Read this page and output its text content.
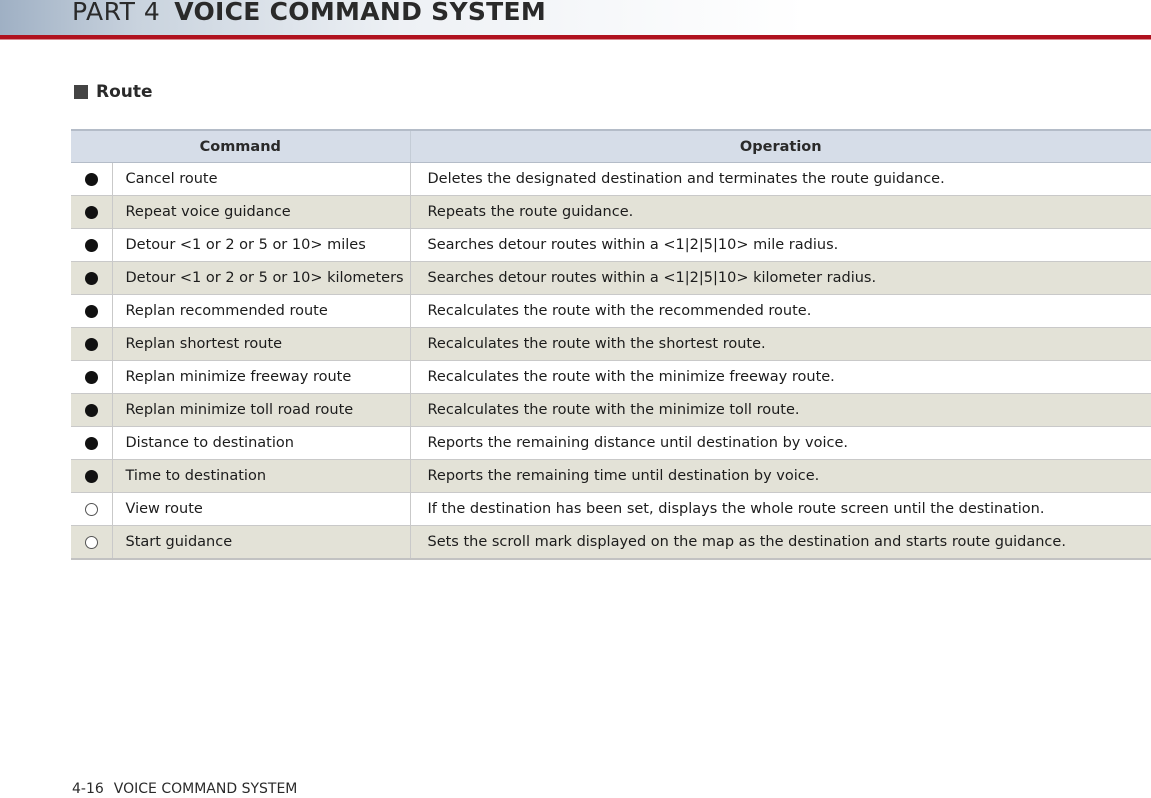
PART 4 VOICE COMMAND SYSTEM
Route
Command		Operation
	Cancel route	Deletes the designated destination and terminates the route guidance.
	Repeat voice guidance	Repeats the route guidance.
	Detour <1 or 2 or 5 or 10> miles	Searches detour routes within a <1|2|5|10> mile radius.
	Detour <1 or 2 or 5 or 10> kilometers	Searches detour routes within a <1|2|5|10> kilometer radius.
	Replan recommended route	Recalculates the route with the recommended route.
	Replan shortest route	Recalculates the route with the shortest route.
	Replan minimize freeway route	Recalculates the route with the minimize freeway route.
	Replan minimize toll road route	Recalculates the route with the minimize toll route.
	Distance to destination	Reports the remaining distance until destination by voice.
	Time to destination	Reports the remaining time until destination by voice.
	View route	If the destination has been set, displays the whole route screen until the destination.
	Start guidance	Sets the scroll mark displayed on the map as the destination and starts route guidance.
4-16 VOICE COMMAND SYSTEM
